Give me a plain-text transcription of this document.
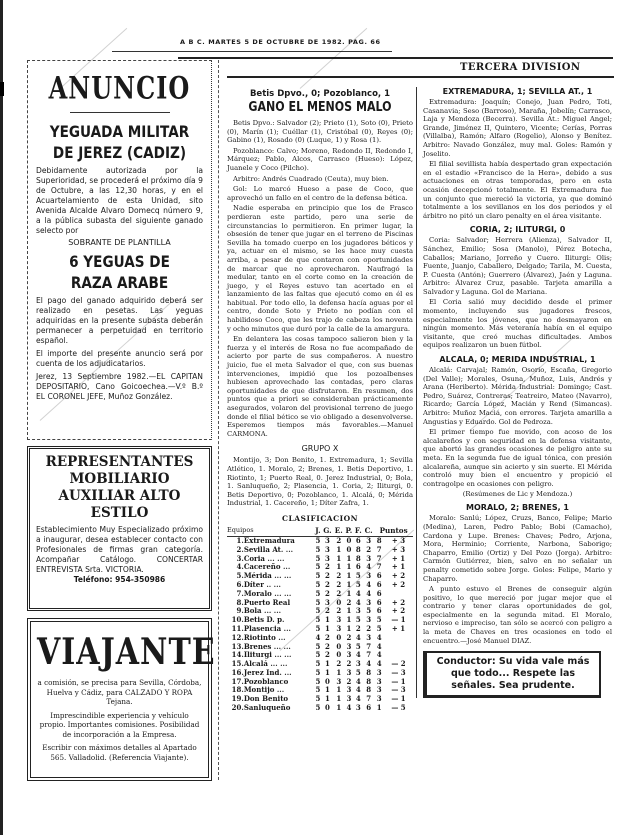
A B C. MARTES 5 DE OCTUBRE DE 1982. PAG. 66
ANUNCIO
YEGUADA MILITAR DE JEREZ (CADIZ)
Debidamente autorizada por la Superioridad, se procederá el próximo día 9 de Octubre, a las 12,30 horas, y en el Acuartelamiento de esta Unidad, sito Avenida Alcalde Alvaro Domecq número 9, a la pública subasta del siguiente ganado selecto por
SOBRANTE DE PLANTILLA
6 YEGUAS DE RAZA ARABE
El pago del ganado adquirido deberá ser realizado en pesetas. Las yeguas adquiridas en la presente subasta deberán permanecer a perpetuidad en territorio español.
El importe del presente anuncio será por cuenta de los adjudicatarios.
Jerez, 13 Septiembre 1982.—EL CAPITAN DEPOSITARIO, Cano Goicoechea.—V.º B.º EL CORONEL JEFE, Muñoz González.
REPRESENTANTES MOBILIARIO AUXILIAR ALTO ESTILO
Establecimiento Muy Especializado próximo a inaugurar, desea establecer contacto con Profesionales de firmas gran categoría. Acompañar Catálogo. CONCERTAR ENTREVISTA Srta. VICTORIA.
Teléfono: 954-350986
VIAJANTE
a comisión, se precisa para Sevilla, Córdoba, Huelva y Cádiz, para CALZADO Y ROPA Tejana.
Imprescindible experiencia y vehículo propio. Importantes comisiones. Posibilidad de incorporación a la Empresa.
Escribir con máximos detalles al Apartado 565. Valladolid. (Referencia Viajante).
TERCERA DIVISION
Betis Dpvo., 0; Pozoblanco, 1
GANO EL MENOS MALO

Betis Dpvo.: Salvador (2); Prieto (1), Soto (0), Prieto (0), Marín (1); Cuéllar (1), Cristóbal (0), Reyes (0); Gabino (1), Rosado (0) (Luque, 1) y Rosa (1).

Pozoblanco: Calvo; Moreno, Redondo II, Redondo I, Márquez; Pablo, Alcos, Carrasco (Hueso): López, Juanele y Coco (Pilcho).

Arbitro: Andrés Cuadrado (Ceuta), muy bien.

Gol: Lo marcó Hueso a pase de Coco, que aprovechó un fallo en el centro de la defensa bética.

Nadie esperaba en principio que los de Frasco perdieran este partido, pero una serie de circunstancias lo permitieron. En primer lugar, la obsesión de tener que jugar en el terreno de Piscinas Sevilla ha tomado cuerpo en los jugadores béticos y ya, actuar en el mismo, se les hace muy cuesta arriba, a pesar de que contaron con oportunidades de marcar que no aprovecharon. Naufragó la medular, tanto en el corte como en la creación de juego, y el Reyes estuvo tan acertado en el lanzamiento de las faltas que ejecutó como en él es habitual. Por todo ello, la defensa hacía aguas por el centro, donde Soto y Prieto no podían con el habilidoso Coco, que les trajo de cabeza los noventa y ocho minutos que duró por la calle de la amargura.

En delantera las cosas tampoco salieron bien y la fuerza y el interés de Rosa no fue acompañado de acierto por parte de sus compañeros. A nuestro juicio, fue el meta Salvador el que, con sus buenas intervenciones, impidió que los pozoalbenses hubiesen aprovechado las contadas, pero claras oportunidades de que disfrutaron. En resumen, dos puntos que a priori se consideraban prácticamente asegurados, volaron del provisional terreno de juego donde el filial bético se vio obligado a desenvolverse. Esperemos tiempos más favorables.—Manuel CARMONA.

GRUPO X

Montijo, 3; Don Benito, 1. Extremadura, 1; Sevilla Atlético, 1. Moralo, 2; Brenes, 1. Betis Deportivo, 1. Riotinto, 1; Puerto Real, 0. Jerez Industrial, 0; Bola, 1. Sanluqueño, 2; Plasencia, 1. Coria, 2; Iliturgi, 0. Betis Deportivo, 0; Pozoblanco, 1. Alcalá, 0; Mérida Industrial, 1. Cacereño, 1; Díter Zafra, 1.

CLASIFICACION
Equipos		J.	G.	E.	P.	F.	C.	Puntos	
1.	Extremadura	5	3	2	0	6	3	8	+ 3
2.	Sevilla At. ...	5	3	1	0	8	2	7	+ 3
3.	Coria ... ...	5	3	1	1	8	3	7	+ 1
4.	Cacereño ...	5	2	1	1	6	4	7	+ 1
5.	Mérida ... ...	5	2	2	1	5	3	6	+ 2
6.	Díter .. ...	5	2	2	1	5	4	6	+ 2
7.	Moralo ... ...	5	2	2	1	4	4	6	
8.	Puerto Real	5	3	0	2	4	3	6	+ 2
9.	Bola ... ...	5	2	2	1	3	5	6	+ 2
10.	Betis D. p.	5	1	3	1	5	3	5	— 1
11.	Plasencia ...	5	1	3	1	2	2	5	+ 1
12.	Riotinto ...	4	2	0	2	4	3	4	
13.	Brenes ... ...	5	2	0	3	5	7	4	
14.	Iliturgi ... ...	5	2	0	3	4	7	4	
15.	Alcalá ... ...	5	1	2	2	3	4	4	— 2
16.	Jerez Ind. ...	5	1	1	3	5	8	3	— 3
17.	Pozoblanco	5	0	3	2	4	8	3	— 1
18.	Montijo ...	5	1	1	3	4	8	3	— 3
19.	Don Benito	5	1	1	3	4	7	3	— 1
20.	Sanluqueño	5	0	1	4	3	6	1	— 5
EXTREMADURA, 1; SEVILLA AT., 1

Extremadura: Joaquín; Conejo, Juan Pedro, Toti, Casanavia; Seso (Barroso), Maraña, Jobelín; Carrasco, Laja y Mendoza (Becerra). Sevilla At.: Miguel Angel; Grande, Jiménez II, Quintero, Vicente; Cerías, Porras (Villalba), Ramón; Alfaro (Rogelio), Alonso y Benítez. Arbitro: Navado González, muy mal. Goles: Ramón y Joselito.

El filial sevillista había despertado gran expectación en el estadio «Francisco de la Hera», debido a sus actuaciones en otras temporadas, pero en esta ocasión decepcionó totalmente. El Extremadura fue un conjunto que mereció la victoria, ya que dominó totalmente a los sevillanos en los dos periodos y el árbitro no pitó un claro penalty en el área visitante.

CORIA, 2; ILITURGI, 0

Coria: Salvador; Herrera (Alienza), Salvador II, Sánchez, Emilio; Sosa (Manolo), Pérez Botecha, Caballos; Mariano, Jorreño y Cuero. Iliturgi: Olis; Fuente, Juanjo, Caballero, Delgado; Tarila, M. Cuesta, P. Cuesta (Antón); Guerrero (Álvarez), Jaén y Laguna. Arbitro: Álvarez Cruz, pasable. Tarjeta amarilla a Salvador y Laguna. Gol de Mariana.

El Coria salió muy decidido desde el primer momento, incluyendo sus jugadores frescos, especialmente los jóvenes, que no desmayaron en ningún momento. Más veteranía había en el equipo visitante, que creó muchas dificultades. Ambos equipos realizaron un buen fútbol.

ALCALA, 0; MERIDA INDUSTRIAL, 1

Alcalá: Carvajal; Ramón, Osorio, Escaña, Gregorio (Del Valle); Morales, Osuna, Muñoz, Luis, Andrés y Arana (Heriberto). Mérida Industrial: Domingo; Cast. Pedro, Suárez, Contreras; Teatreiro, Mateo (Navarro), Ricardo; García López, Macián y Rend (Simancas). Arbitro: Muñoz Maciá, con errores. Tarjeta amarilla a Angustias y Eduardo. Gol de Pedroza.

El primer tiempo fue movido, con acoso de los alcalareños y con seguridad en la defensa visitante, que abortó las grandes ocasiones de peligro ante su meta. En la segunda fue de igual tónica, con presión alcalareña, aunque sin acierto y sin suerte. El Mérida controló muy bien el encuentro y propició el contragolpe en ocasiones con peligro.

(Resúmenes de Lic y Mendoza.)
MORALO, 2; BRENES, 1

Moralo: Sanlú; López, Cruzs, Banco, Felipe; Mario (Medina), Laren, Pedro Pablo; Bobi (Camacho), Cardona y Lupe. Brenes: Chaves; Pedro, Arjona, Mora, Herminio; Corriente, Narbona, Saborigo; Chaparro, Emilio (Ortiz) y Del Pozo (Jorga). Arbitro: Carmón Gutiérrez, bien, salvo en no señalar un penalty cometido sobre Jorge. Goles: Felipe, Mario y Chaparro.

A punto estuvo el Brenes de conseguir algún positivo, lo que mereció por jugar mejor que el contrario y tener claras oportunidades de gol, especialmente en la segunda mitad. El Moralo, nervioso e impreciso, tan sólo se acercó con peligro a la meta de Chaves en tres ocasiones en todo el encuentro.—José Manuel DIAZ.

Conductor: Su vida vale más que todo... Respete las señales. Sea prudente.
